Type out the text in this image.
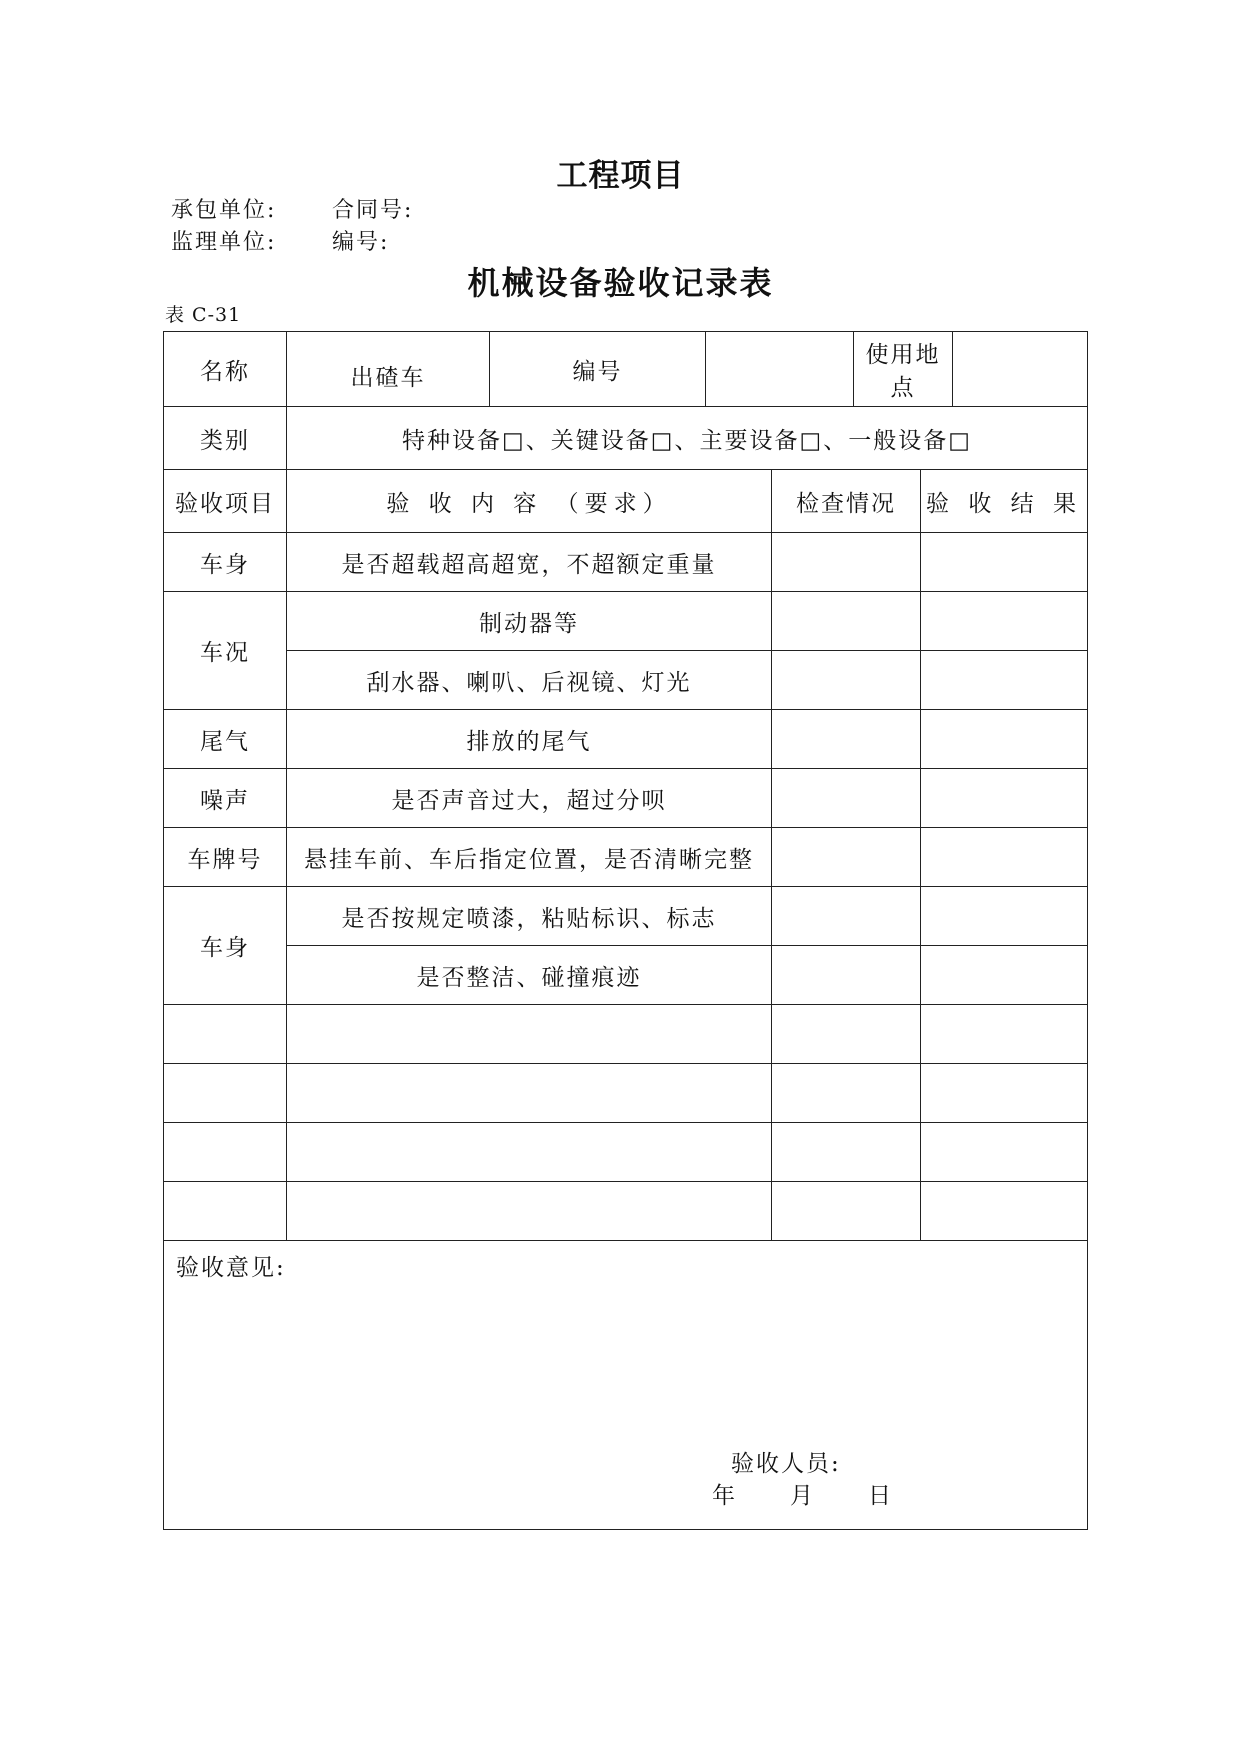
工程项目
承包单位:	合同号:
监理单位:	编号:
机械设备验收记录表
表 C-31
名称	出碴车	编号			使用地点		
类别	特种设备□、关键设备□、主要设备□、一般设备□						
验收项目	验 收 内 容 （要求）			检查情况		验 收 结 果	
车身	是否超载超高超宽，不超额定重量						
车况	制动器等						
	刮水器、喇叭、后视镜、灯光						
尾气	排放的尾气						
噪声	是否声音过大，超过分呗						
车牌号	悬挂车前、车后指定位置，是否清晰完整						
车身	是否按规定喷漆，粘贴标识、标志						
	是否整洁、碰撞痕迹						

验收意见:
验收人员:
年　　月　　日							
